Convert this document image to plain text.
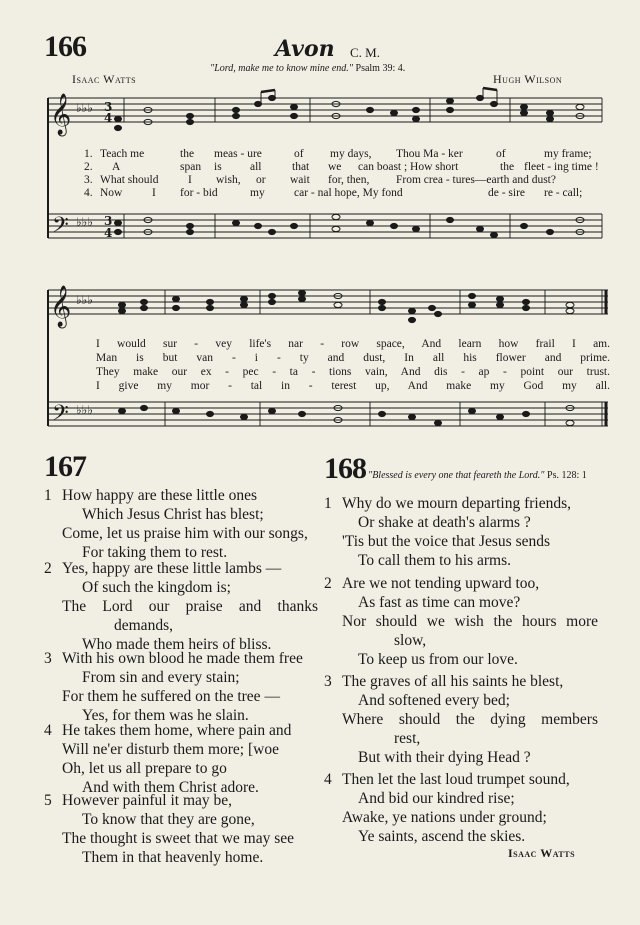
166	Avon C. M.
"Lord, make me to know mine end." Psalm 39: 4.
Isaac Watts	Hugh Wilson
𝄞
𝄢
♭♭♭
♭♭♭
3
4
3
4
1. Teach me	the meas - ure	of my days, Thou Ma - ker	of	my frame;
2. A	span is all	that we can boast ; How short	the fleet - ing time !
3. What should	I wish, or wait for, then, From crea - tures—earth and dust?
4. Now	I for - bid	my	car - nal hope, My fond	de - sire re - call;
𝄞
𝄢
♭♭♭
♭♭♭
I would sur - vey life's nar - row space, And learn how frail I am.
Man is but van - i - ty and dust, In all his flower and prime.
They make our ex - pec - ta - tions vain, And dis - ap - point our trust.
I give my mor - tal in - terest up, And make my God my all.
167
1 How happy are these little ones
Which Jesus Christ has blest;
Come, let us praise him with our songs,
For taking them to rest.
2 Yes, happy are these little lambs —
Of such the kingdom is;
The Lord our praise and thanks
demands,
Who made them heirs of bliss.
3 With his own blood he made them free
From sin and every stain;
For them he suffered on the tree —
Yes, for them was he slain.
4 He takes them home, where pain and
Will ne'er disturb them more; [woe
Oh, let us all prepare to go
And with them Christ adore.
5 However painful it may be,
To know that they are gone,
The thought is sweet that we may see
Them in that heavenly home.
168 "Blessed is every one that feareth the Lord." Ps. 128: 1
1 Why do we mourn departing friends,
Or shake at death's alarms ?
'Tis but the voice that Jesus sends
To call them to his arms.
2 Are we not tending upward too,
As fast as time can move?
Nor should we wish the hours more
slow,
To keep us from our love.
3 The graves of all his saints he blest,
And softened every bed;
Where should the dying members
rest,
But with their dying Head ?
4 Then let the last loud trumpet sound,
And bid our kindred rise;
Awake, ye nations under ground;
Ye saints, ascend the skies.
Isaac Watts
